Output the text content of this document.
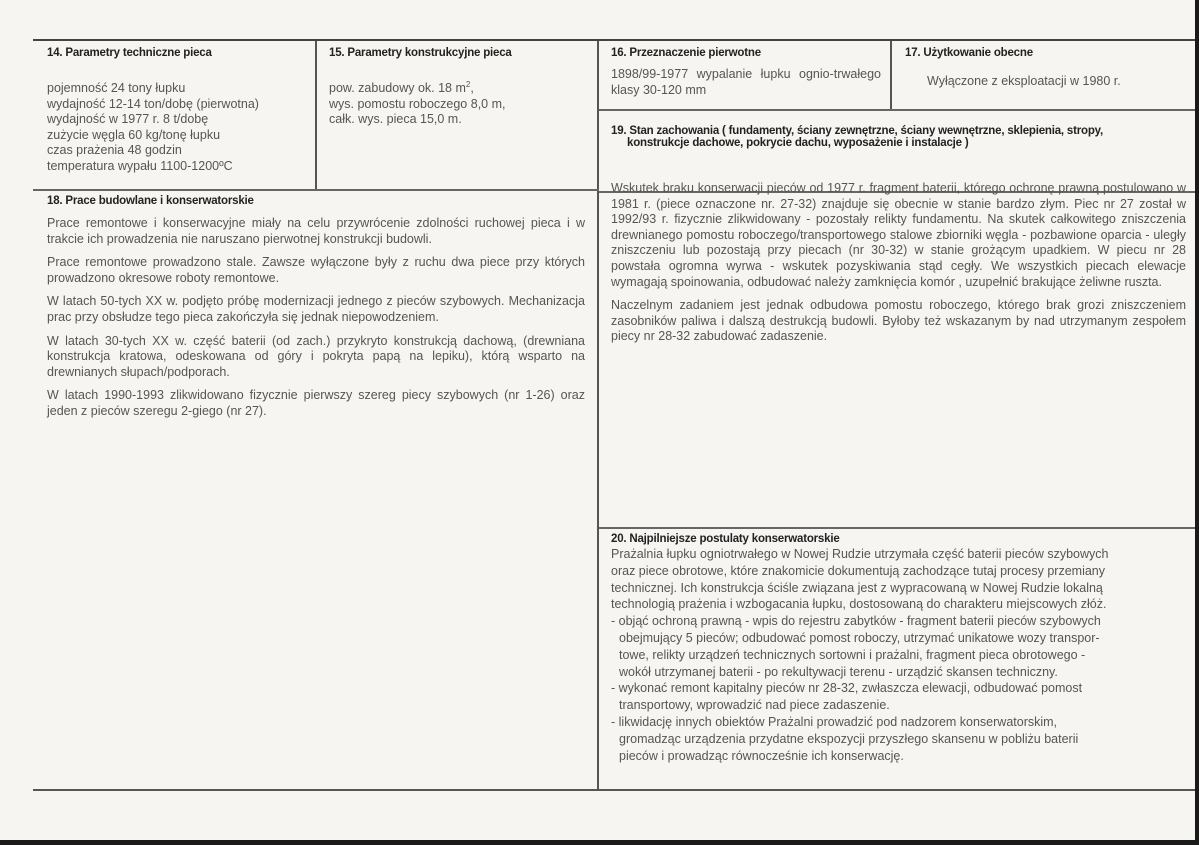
14. Parametry techniczne pieca
pojemność 24 tony łupku
wydajność 12-14 ton/dobę (pierwotna)
wydajność w 1977 r. 8 t/dobę
zużycie węgla 60 kg/tonę łupku
czas prażenia 48 godzin
temperatura wypału 1100-1200ºC
15. Parametry konstrukcyjne pieca
pow. zabudowy ok. 18 $m^2$,
wys. pomostu roboczego 8,0 m,
całk. wys. pieca 15,0 m.
16. Przeznaczenie pierwotne
1898/99-1977 wypalanie łupku ognio-trwałego klasy 30-120 mm
17. Użytkowanie obecne
Wyłączone z eksploatacji w 1980 r.
19. Stan zachowania ( fundamenty, ściany zewnętrzne, ściany wewnętrzne, sklepienia, stropy,
konstrukcje dachowe, pokrycie dachu, wyposażenie i instalacje )

Wskutek braku konserwacji pieców od 1977 r. fragment baterii, którego ochronę prawną postulowano w 1981 r. (piece oznaczone nr. 27-32) znajduje się obecnie w stanie bardzo złym. Piec nr 27 został w 1992/93 r. fizycznie zlikwidowany - pozostały relikty fundamentu. Na skutek całkowitego zniszczenia drewnianego pomostu roboczego/transportowego stalowe zbiorniki węgla - pozbawione oparcia - uległy zniszczeniu lub pozostają przy piecach (nr 30-32) w stanie grożącym upadkiem. W piecu nr 28 powstała ogromna wyrwa - wskutek pozyskiwania stąd cegły. We wszystkich piecach elewacje wymagają spoinowania, odbudować należy zamknięcia komór , uzupełnić brakujące żeliwne ruszta.

Naczelnym zadaniem jest jednak odbudowa pomostu roboczego, którego brak grozi zniszczeniem zasobników paliwa i dalszą destrukcją budowli. Byłoby też wskazanym by nad utrzymanym zespołem piecy nr 28-32 zabudować zadaszenie.

18. Prace budowlane i konserwatorskie

Prace remontowe i konserwacyjne miały na celu przywrócenie zdolności ruchowej pieca i w trakcie ich prowadzenia nie naruszano pierwotnej konstrukcji budowli.

Prace remontowe prowadzono stale. Zawsze wyłączone były z ruchu dwa piece przy których prowadzono okresowe roboty remontowe.

W latach 50-tych XX w. podjęto próbę modernizacji jednego z pieców szybowych. Mechanizacja prac przy obsłudze tego pieca zakończyła się jednak niepowodzeniem.

W latach 30-tych XX w. część baterii (od zach.) przykryto konstrukcją dachową, (drewniana konstrukcja kratowa, odeskowana od góry i pokryta papą na lepiku), którą wsparto na drewnianych słupach/podporach.

W latach 1990-1993 zlikwidowano fizycznie pierwszy szereg piecy szybowych (nr 1-26) oraz jeden z pieców szeregu 2-giego (nr 27).

20. Najpilniejsze postulaty konserwatorskie
Prażalnia łupku ogniotrwałego w Nowej Rudzie utrzymała część baterii pieców szybowych
oraz piece obrotowe, które znakomicie dokumentują zachodzące tutaj procesy przemiany
technicznej. Ich konstrukcja ściśle związana jest z wypracowaną w Nowej Rudzie lokalną
technologią prażenia i wzbogacania łupku, dostosowaną do charakteru miejscowych złóż.
- objąć ochroną prawną - wpis do rejestru zabytków - fragment baterii pieców szybowych
obejmujący 5 pieców; odbudować pomost roboczy, utrzymać unikatowe wozy transpor-
towe, relikty urządzeń technicznych sortowni i prażalni, fragment pieca obrotowego -
wokół utrzymanej baterii - po rekultywacji terenu - urządzić skansen techniczny.
- wykonać remont kapitalny pieców nr 28-32, zwłaszcza elewacji, odbudować pomost
transportowy, wprowadzić nad piece zadaszenie.
- likwidację innych obiektów Prażalni prowadzić pod nadzorem konserwatorskim,
gromadząc urządzenia przydatne ekspozycji przyszłego skansenu w pobliżu baterii
pieców i prowadząc równocześnie ich konserwację.
